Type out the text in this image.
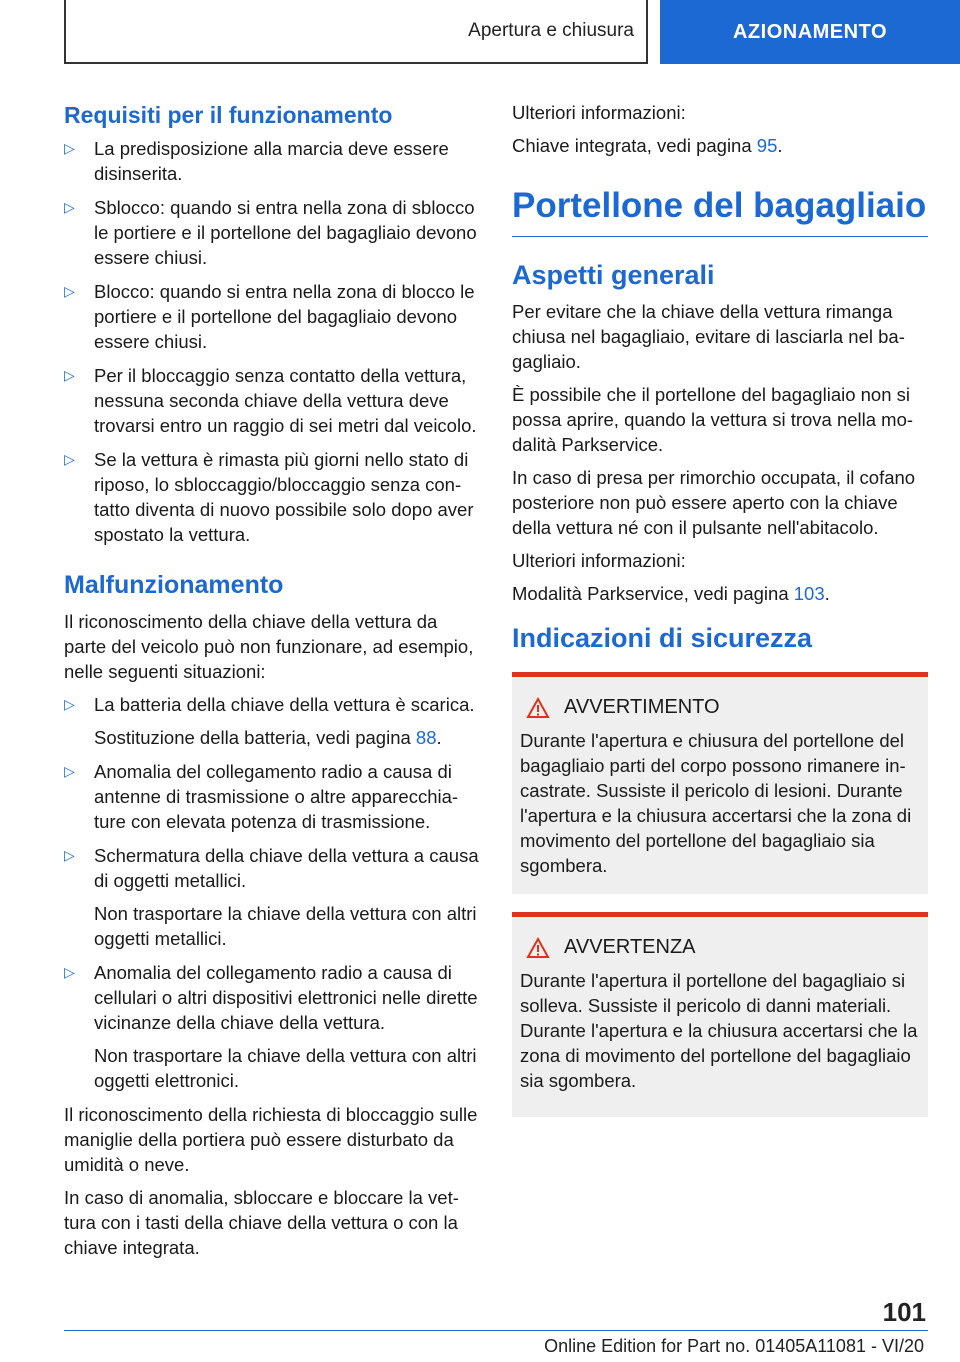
Apertura e chiusura	AZIONAMENTO
Requisiti per il funzionamento
▷ La predisposizione alla marcia deve essere disinserita.
▷ Sblocco: quando si entra nella zona di sblocco le portiere e il portellone del bagagliaio devono essere chiusi.
▷ Blocco: quando si entra nella zona di blocco le portiere e il portellone del bagagliaio devono essere chiusi.
▷ Per il bloccaggio senza contatto della vettura, nessuna seconda chiave della vettura deve trovarsi entro un raggio di sei metri dal veicolo.
▷ Se la vettura è rimasta più giorni nello stato di riposo, lo sbloccaggio/bloccaggio senza contatto diventa di nuovo possibile solo dopo aver spostato la vettura.
Malfunzionamento

Il riconoscimento della chiave della vettura da parte del veicolo può non funzionare, ad esempio, nelle seguenti situazioni:

▷ La batteria della chiave della vettura è scarica.
Sostituzione della batteria, vedi pagina 88.
▷ Anomalia del collegamento radio a causa di antenne di trasmissione o altre apparecchiature con elevata potenza di trasmissione.
▷ Schermatura della chiave della vettura a causa di oggetti metallici.
Non trasportare la chiave della vettura con altri oggetti metallici.
▷ Anomalia del collegamento radio a causa di cellulari o altri dispositivi elettronici nelle dirette vicinanze della chiave della vettura.
Non trasportare la chiave della vettura con altri oggetti elettronici.

Il riconoscimento della richiesta di bloccaggio sulle maniglie della portiera può essere disturbato da umidità o neve.

In caso di anomalia, sbloccare e bloccare la vettura con i tasti della chiave della vettura o con la chiave integrata.

Ulteriori informazioni:

Chiave integrata, vedi pagina 95.

Portellone del bagagliaio
Aspetti generali

Per evitare che la chiave della vettura rimanga chiusa nel bagagliaio, evitare di lasciarla nel bagagliaio.

È possibile che il portellone del bagagliaio non si possa aprire, quando la vettura si trova nella modalità Parkservice.

In caso di presa per rimorchio occupata, il cofano posteriore non può essere aperto con la chiave della vettura né con il pulsante nell'abitacolo.

Ulteriori informazioni:

Modalità Parkservice, vedi pagina 103.

Indicazioni di sicurezza
AVVERTIMENTO
Durante l'apertura e chiusura del portellone del bagagliaio parti del corpo possono rimanere incastrate. Sussiste il pericolo di lesioni. Durante l'apertura e la chiusura accertarsi che la zona di movimento del portellone del bagagliaio sia sgombera.
AVVERTENZA
Durante l'apertura il portellone del bagagliaio si solleva. Sussiste il pericolo di danni materiali. Durante l'apertura e la chiusura accertarsi che la zona di movimento del portellone del bagagliaio sia sgombera.
101
Online Edition for Part no. 01405A11081 - VI/20
